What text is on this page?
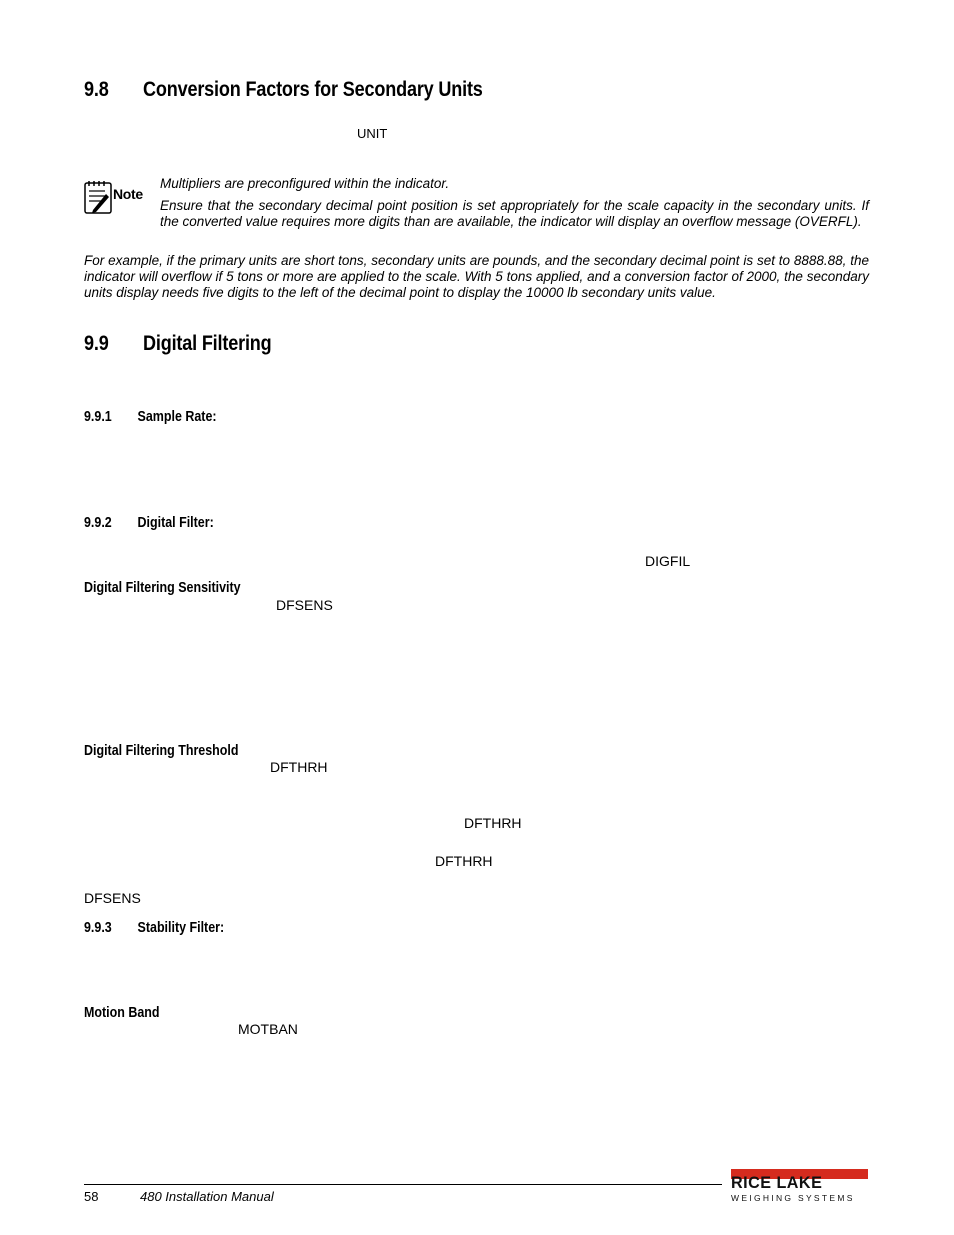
9.8 Conversion Factors for Secondary Units
UNIT
Note
Multipliers are preconfigured within the indicator.
Ensure that the secondary decimal point position is set appropriately for the scale capacity in the secondary units. If the converted value requires more digits than are available, the indicator will display an overflow message (OVERFL).
For example, if the primary units are short tons, secondary units are pounds, and the secondary decimal point is set to 8888.88, the indicator will overflow if 5 tons or more are applied to the scale. With 5 tons applied, and a conversion factor of 2000, the secondary units display needs five digits to the left of the decimal point to display the 10000 lb secondary units value.
9.9 Digital Filtering
9.9.1 Sample Rate:
9.9.2 Digital Filter:
DIGFIL
Digital Filtering Sensitivity
DFSENS
Digital Filtering Threshold
DFTHRH
DFTHRH
DFTHRH
DFSENS
9.9.3 Stability Filter:
Motion Band
MOTBAN
58	480 Installation Manual
RICE LAKE
WEIGHING SYSTEMS
